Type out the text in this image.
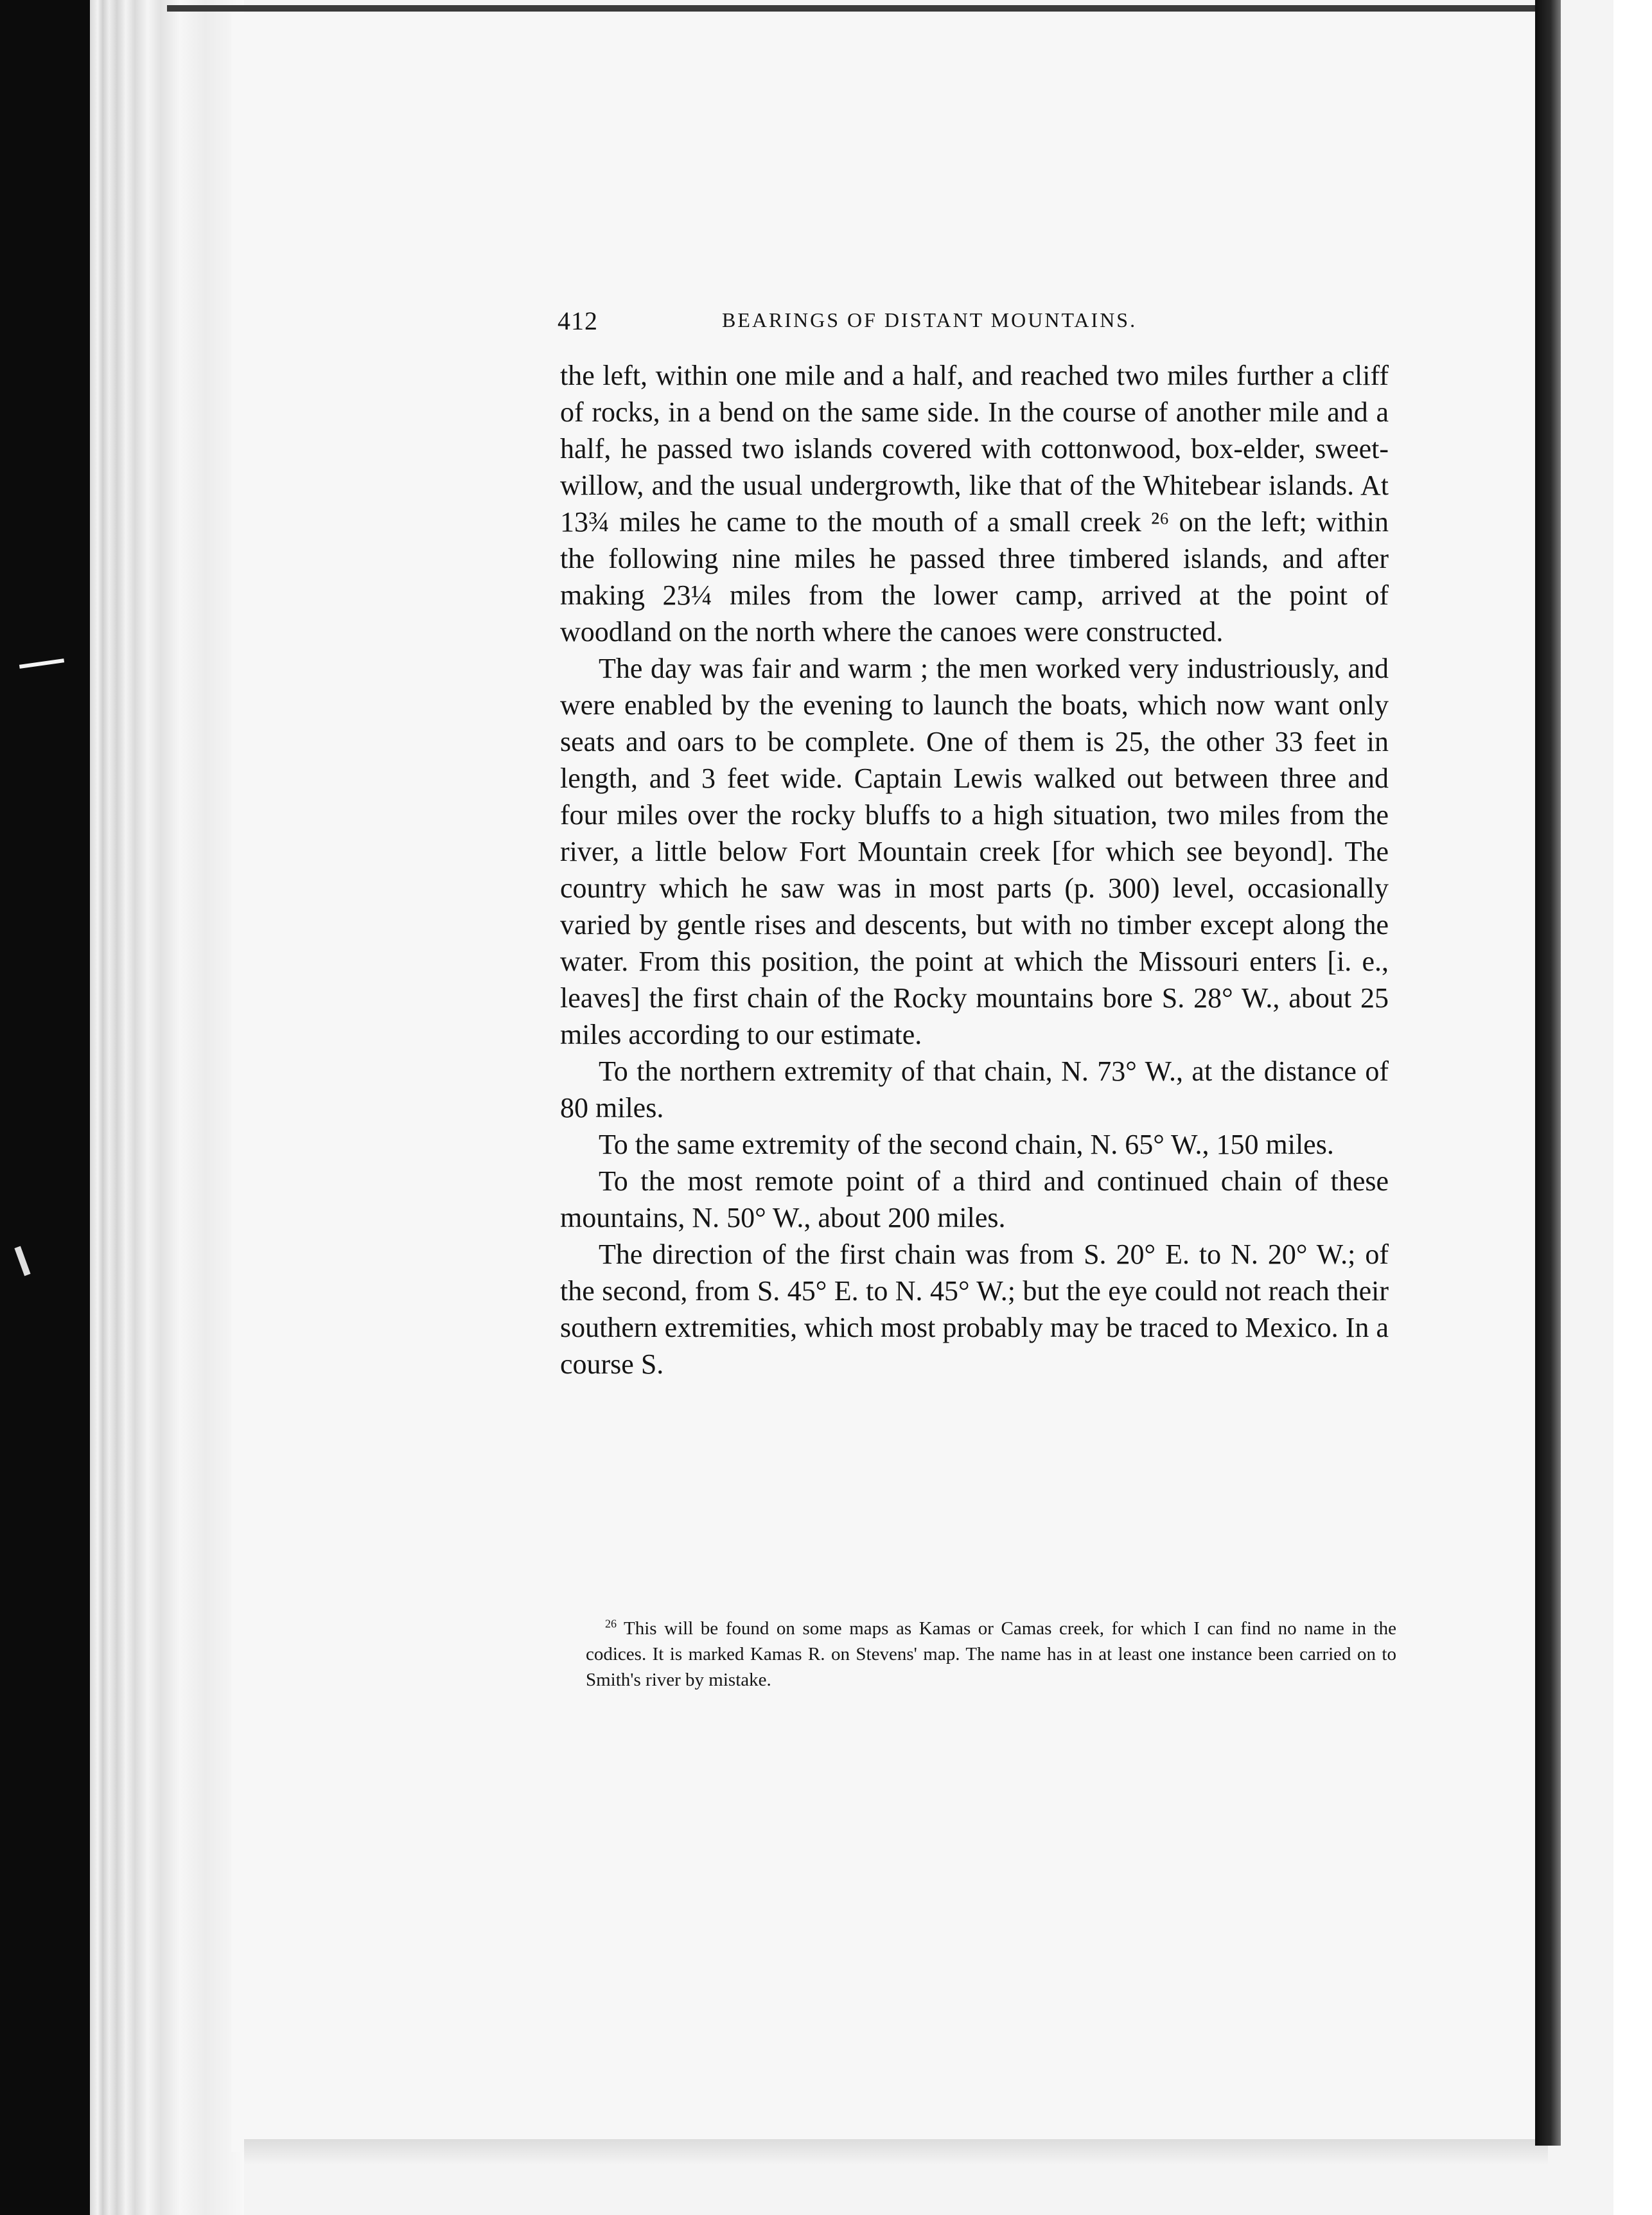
412	BEARINGS OF DISTANT MOUNTAINS.

the left, within one mile and a half, and reached two miles further a cliff of rocks, in a bend on the same side. In the course of another mile and a half, he passed two islands covered with cottonwood, box-elder, sweet-willow, and the usual undergrowth, like that of the Whitebear islands. At 13¾ miles he came to the mouth of a small creek ²⁶ on the left; within the following nine miles he passed three timbered islands, and after making 23¼ miles from the lower camp, arrived at the point of woodland on the north where the canoes were constructed.

The day was fair and warm ; the men worked very industriously, and were enabled by the evening to launch the boats, which now want only seats and oars to be complete. One of them is 25, the other 33 feet in length, and 3 feet wide. Captain Lewis walked out between three and four miles over the rocky bluffs to a high situation, two miles from the river, a little below Fort Mountain creek [for which see beyond]. The country which he saw was in most parts (p. 300) level, occasionally varied by gentle rises and descents, but with no timber except along the water. From this position, the point at which the Missouri enters [i. e., leaves] the first chain of the Rocky mountains bore S. 28° W., about 25 miles according to our estimate.

To the northern extremity of that chain, N. 73° W., at the distance of 80 miles.

To the same extremity of the second chain, N. 65° W., 150 miles.

To the most remote point of a third and continued chain of these mountains, N. 50° W., about 200 miles.

The direction of the first chain was from S. 20° E. to N. 20° W.; of the second, from S. 45° E. to N. 45° W.; but the eye could not reach their southern extremities, which most probably may be traced to Mexico. In a course S.

$^{26}$ This will be found on some maps as Kamas or Camas creek, for which I can find no name in the codices. It is marked Kamas R. on Stevens' map. The name has in at least one instance been carried on to Smith's river by mistake.
